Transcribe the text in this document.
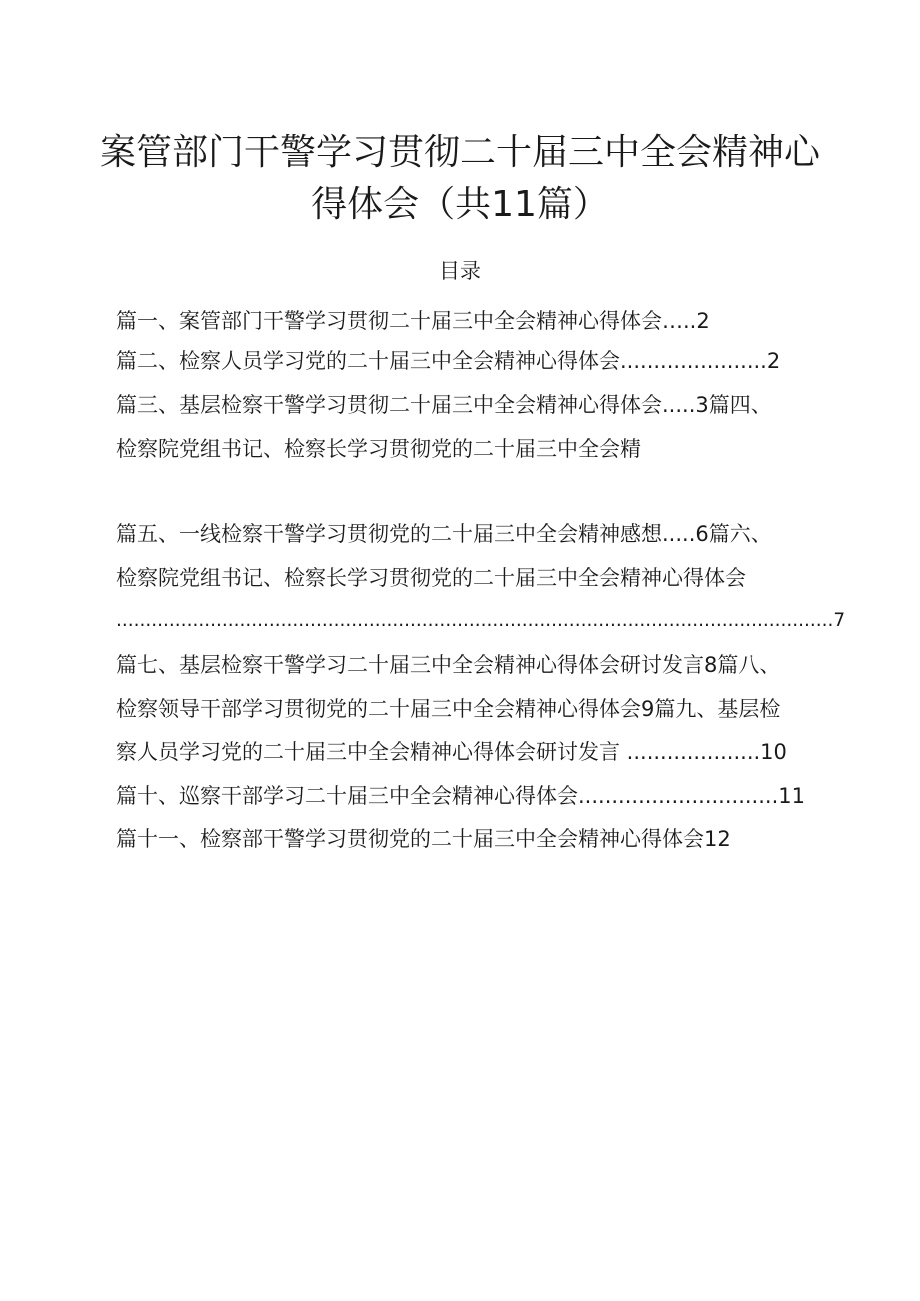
案管部门干警学习贯彻二十届三中全会精神心
得体会（共11篇）
目录
篇一、案管部门干警学习贯彻二十届三中全会精神心得体会…..2
篇二、检察人员学习党的二十届三中全会精神心得体会......................2
篇三、基层检察干警学习贯彻二十届三中全会精神心得体会.....3篇四、
检察院党组书记、检察长学习贯彻党的二十届三中全会精
篇五、一线检察干警学习贯彻党的二十届三中全会精神感想.....6篇六、
检察院党组书记、检察长学习贯彻党的二十届三中全会精神心得体会
..........................................................................................................................7
篇七、基层检察干警学习二十届三中全会精神心得体会研讨发言8篇八、
检察领导干部学习贯彻党的二十届三中全会精神心得体会9篇九、基层检
察人员学习党的二十届三中全会精神心得体会研讨发言 ....................10
篇十、巡察干部学习二十届三中全会精神心得体会..............................11
篇十一、检察部干警学习贯彻党的二十届三中全会精神心得体会12
